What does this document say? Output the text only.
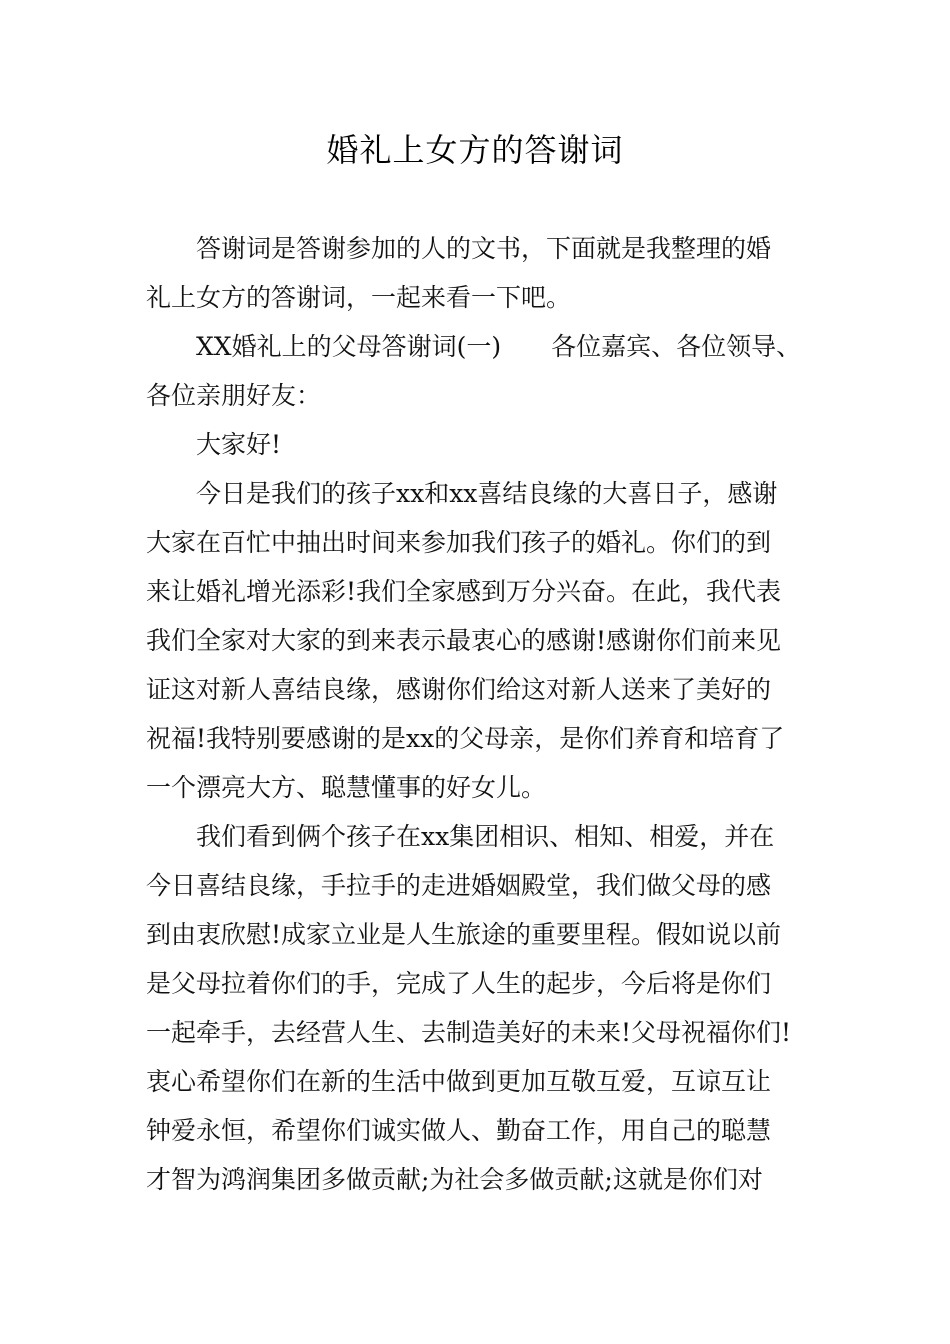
婚礼上女方的答谢词
答谢词是答谢参加的人的文书，下面就是我整理的婚
礼上女方的答谢词，一起来看一下吧。
XX婚礼上的父母答谢词(一)　　各位嘉宾、各位领导、
各位亲朋好友：
大家好!
今日是我们的孩子xx和xx喜结良缘的大喜日子，感谢
大家在百忙中抽出时间来参加我们孩子的婚礼。你们的到
来让婚礼增光添彩!我们全家感到万分兴奋。在此，我代表
我们全家对大家的到来表示最衷心的感谢!感谢你们前来见
证这对新人喜结良缘，感谢你们给这对新人送来了美好的
祝福!我特别要感谢的是xx的父母亲，是你们养育和培育了
一个漂亮大方、聪慧懂事的好女儿。
我们看到俩个孩子在xx集团相识、相知、相爱，并在
今日喜结良缘，手拉手的走进婚姻殿堂，我们做父母的感
到由衷欣慰!成家立业是人生旅途的重要里程。假如说以前
是父母拉着你们的手，完成了人生的起步，今后将是你们
一起牵手，去经营人生、去制造美好的未来!父母祝福你们!
衷心希望你们在新的生活中做到更加互敬互爱，互谅互让
钟爱永恒，希望你们诚实做人、勤奋工作，用自己的聪慧
才智为鸿润集团多做贡献;为社会多做贡献;这就是你们对
